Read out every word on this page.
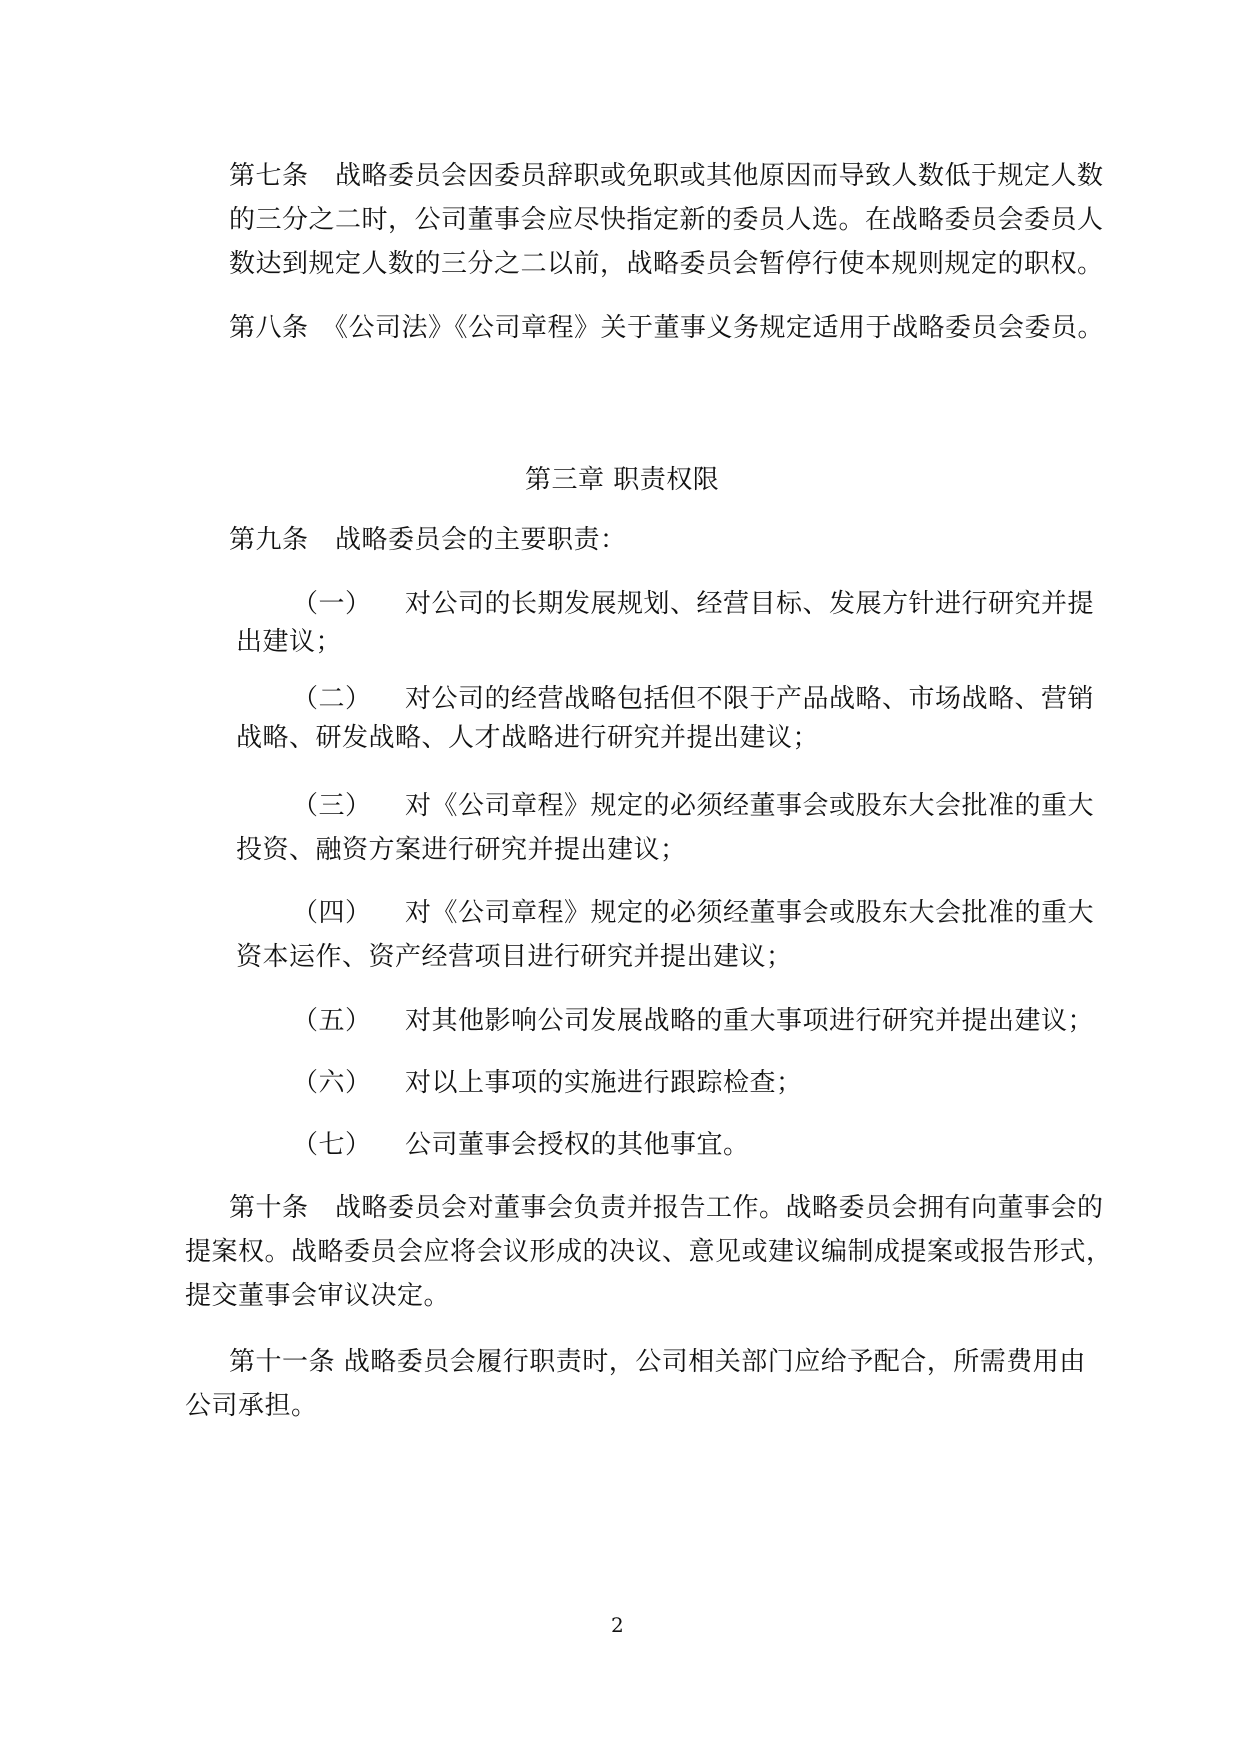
第七条　战略委员会因委员辞职或免职或其他原因而导致人数低于规定人数
的三分之二时，公司董事会应尽快指定新的委员人选。在战略委员会委员人
数达到规定人数的三分之二以前，战略委员会暂停行使本规则规定的职权。
第八条　《公司法》《公司章程》关于董事义务规定适用于战略委员会委员。
第三章 职责权限
第九条　战略委员会的主要职责：
（一） 对公司的长期发展规划、经营目标、发展方针进行研究并提
出建议；
（二） 对公司的经营战略包括但不限于产品战略、市场战略、营销
战略、研发战略、人才战略进行研究并提出建议；
（三） 对《公司章程》规定的必须经董事会或股东大会批准的重大
投资、融资方案进行研究并提出建议；
（四） 对《公司章程》规定的必须经董事会或股东大会批准的重大
资本运作、资产经营项目进行研究并提出建议；
（五） 对其他影响公司发展战略的重大事项进行研究并提出建议；
（六） 对以上事项的实施进行跟踪检查；
（七） 公司董事会授权的其他事宜。
第十条　战略委员会对董事会负责并报告工作。战略委员会拥有向董事会的
提案权。战略委员会应将会议形成的决议、意见或建议编制成提案或报告形式，
提交董事会审议决定。
第十一条 战略委员会履行职责时，公司相关部门应给予配合，所需费用由
公司承担。
2
